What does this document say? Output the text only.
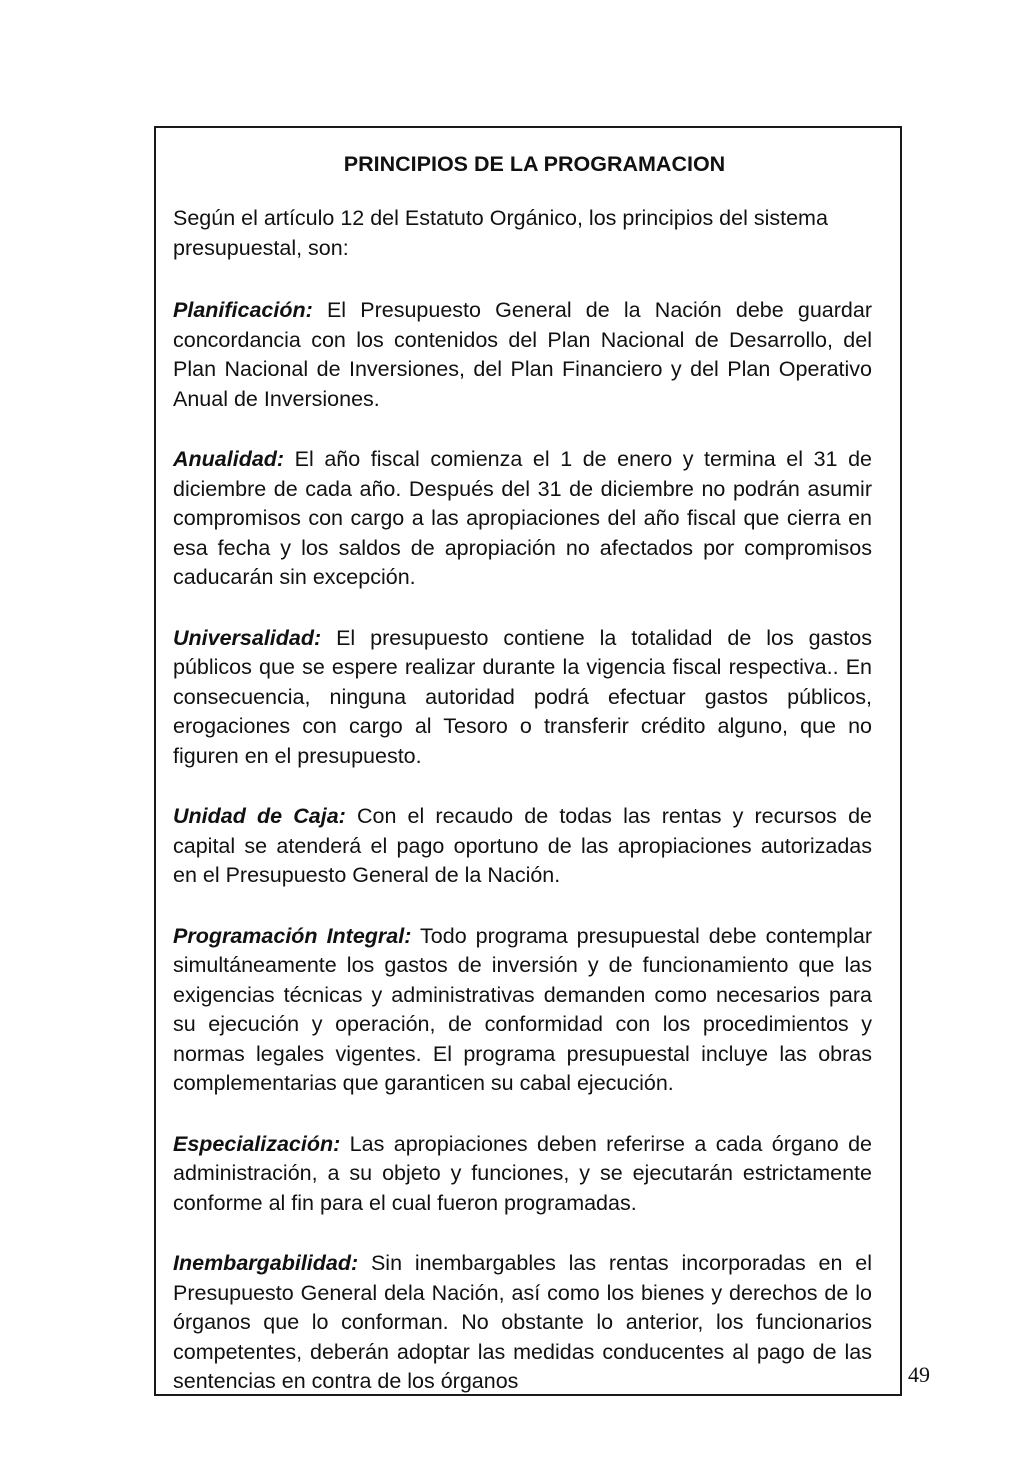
PRINCIPIOS DE LA PROGRAMACION

Según el artículo 12 del Estatuto Orgánico, los principios del sistema presupuestal, son:

Planificación: El Presupuesto General de la Nación debe guardar concordancia con los contenidos del Plan Nacional de Desarrollo, del Plan Nacional de Inversiones, del Plan Financiero y del Plan Operativo Anual de Inversiones.

Anualidad: El año fiscal comienza el 1 de enero y termina el 31 de diciembre de cada año. Después del 31 de diciembre no podrán asumir compromisos con cargo a las apropiaciones del año fiscal que cierra en esa fecha y los saldos de apropiación no afectados por compromisos caducarán sin excepción.

Universalidad: El presupuesto contiene la totalidad de los gastos públicos que se espere realizar durante la vigencia fiscal respectiva.. En consecuencia, ninguna autoridad podrá efectuar gastos públicos, erogaciones con cargo al Tesoro o transferir crédito alguno, que no figuren en el presupuesto.

Unidad de Caja: Con el recaudo de todas las rentas y recursos de capital se atenderá el pago oportuno de las apropiaciones autorizadas en el Presupuesto General de la Nación.

Programación Integral: Todo programa presupuestal debe contemplar simultáneamente los gastos de inversión y de funcionamiento que las exigencias técnicas y administrativas demanden como necesarios para su ejecución y operación, de conformidad con los procedimientos y normas legales vigentes. El programa presupuestal incluye las obras complementarias que garanticen su cabal ejecución.

Especialización: Las apropiaciones deben referirse a cada órgano de administración, a su objeto y funciones, y se ejecutarán estrictamente conforme al fin para el cual fueron programadas.

Inembargabilidad: Sin inembargables las rentas incorporadas en el Presupuesto General dela Nación, así como los bienes y derechos de lo órganos que lo conforman. No obstante lo anterior, los funcionarios competentes, deberán adoptar las medidas conducentes al pago de las sentencias en contra de los órganos	49
